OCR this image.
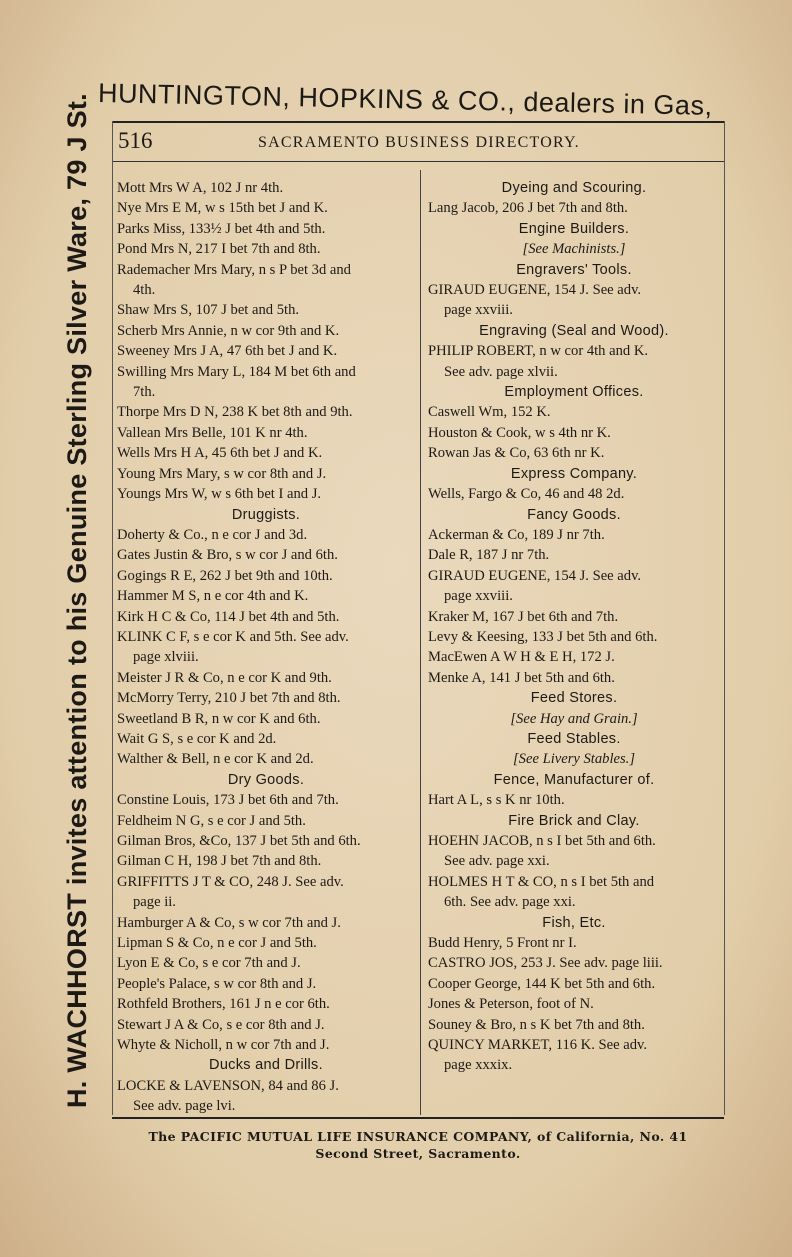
HUNTINGTON, HOPKINS & CO., dealers in Gas,
H. WACHHORST invites attention to his Genuine Sterling Silver Ware, 79 J St. 516	SACRAMENTO BUSINESS DIRECTORY.
Mott Mrs W A, 102 J nr 4th.
Nye Mrs E M, w s 15th bet J and K.
Parks Miss, 133½ J bet 4th and 5th.
Pond Mrs N, 217 I bet 7th and 8th.
Rademacher Mrs Mary, n s P bet 3d and
4th.
Shaw Mrs S, 107 J bet and 5th.
Scherb Mrs Annie, n w cor 9th and K.
Sweeney Mrs J A, 47 6th bet J and K.
Swilling Mrs Mary L, 184 M bet 6th and
7th.
Thorpe Mrs D N, 238 K bet 8th and 9th.
Vallean Mrs Belle, 101 K nr 4th.
Wells Mrs H A, 45 6th bet J and K.
Young Mrs Mary, s w cor 8th and J.
Youngs Mrs W, w s 6th bet I and J.
Druggists.
Doherty & Co., n e cor J and 3d.
Gates Justin & Bro, s w cor J and 6th.
Gogings R E, 262 J bet 9th and 10th.
Hammer M S, n e cor 4th and K.
Kirk H C & Co, 114 J bet 4th and 5th.
KLINK C F, s e cor K and 5th. See adv.
page xlviii.
Meister J R & Co, n e cor K and 9th.
McMorry Terry, 210 J bet 7th and 8th.
Sweetland B R, n w cor K and 6th.
Wait G S, s e cor K and 2d.
Walther & Bell, n e cor K and 2d.
Dry Goods.
Constine Louis, 173 J bet 6th and 7th.
Feldheim N G, s e cor J and 5th.
Gilman Bros, &Co, 137 J bet 5th and 6th.
Gilman C H, 198 J bet 7th and 8th.
GRIFFITTS J T & CO, 248 J. See adv.
page ii.
Hamburger A & Co, s w cor 7th and J.
Lipman S & Co, n e cor J and 5th.
Lyon E & Co, s e cor 7th and J.
People's Palace, s w cor 8th and J.
Rothfeld Brothers, 161 J n e cor 6th.
Stewart J A & Co, s e cor 8th and J.
Whyte & Nicholl, n w cor 7th and J.
Ducks and Drills.
LOCKE & LAVENSON, 84 and 86 J.
See adv. page lvi.
Dyeing and Scouring.
Lang Jacob, 206 J bet 7th and 8th.
Engine Builders.
[See Machinists.]
Engravers' Tools.
GIRAUD EUGENE, 154 J. See adv.
page xxviii.
Engraving (Seal and Wood).
PHILIP ROBERT, n w cor 4th and K.
See adv. page xlvii.
Employment Offices.
Caswell Wm, 152 K.
Houston & Cook, w s 4th nr K.
Rowan Jas & Co, 63 6th nr K.
Express Company.
Wells, Fargo & Co, 46 and 48 2d.
Fancy Goods.
Ackerman & Co, 189 J nr 7th.
Dale R, 187 J nr 7th.
GIRAUD EUGENE, 154 J. See adv.
page xxviii.
Kraker M, 167 J bet 6th and 7th.
Levy & Keesing, 133 J bet 5th and 6th.
MacEwen A W H & E H, 172 J.
Menke A, 141 J bet 5th and 6th.
Feed Stores.
[See Hay and Grain.]
Feed Stables.
[See Livery Stables.]
Fence, Manufacturer of.
Hart A L, s s K nr 10th.
Fire Brick and Clay.
HOEHN JACOB, n s I bet 5th and 6th.
See adv. page xxi.
HOLMES H T & CO, n s I bet 5th and
6th. See adv. page xxi.
Fish, Etc.
Budd Henry, 5 Front nr I.
CASTRO JOS, 253 J. See adv. page liii.
Cooper George, 144 K bet 5th and 6th.
Jones & Peterson, foot of N.
Souney & Bro, n s K bet 7th and 8th.
QUINCY MARKET, 116 K. See adv.
page xxxix.
The PACIFIC MUTUAL LIFE INSURANCE COMPANY, of California, No. 41
Second Street, Sacramento.
